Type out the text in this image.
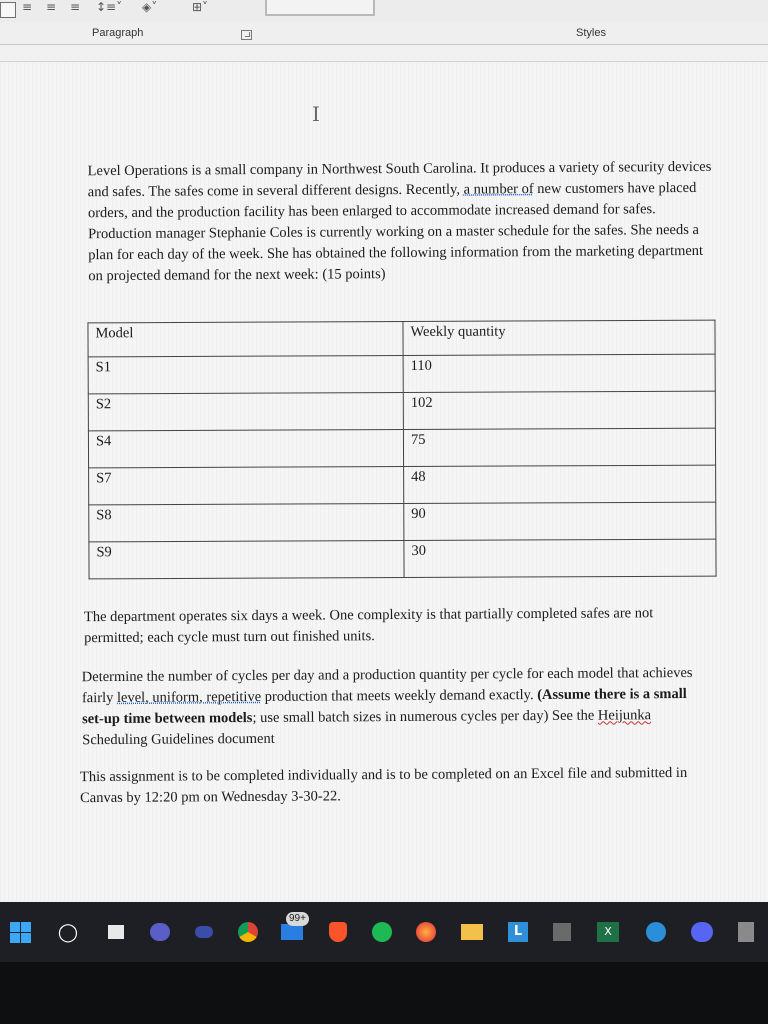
≡ ≡ ≡ ↕≡˅ ◈˅	⊞˅
Paragraph	Styles
I
Level Operations is a small company in Northwest South Carolina. It produces a variety of security devices and safes. The safes come in several different designs. Recently, a number of new customers have placed orders, and the production facility has been enlarged to accommodate increased demand for safes. Production manager Stephanie Coles is currently working on a master schedule for the safes. She needs a plan for each day of the week. She has obtained the following information from the marketing department on projected demand for the next week: (15 points)
Model	Weekly quantity
S1	110
S2	102
S4	75
S7	48
S8	90
S9	30
The department operates six days a week. One complexity is that partially completed safes are not permitted; each cycle must turn out finished units.
Determine the number of cycles per day and a production quantity per cycle for each model that achieves fairly level, uniform, repetitive production that meets weekly demand exactly. (Assume there is a small set-up time between models; use small batch sizes in numerous cycles per day) See the Heijunka Scheduling Guidelines document
This assignment is to be completed individually and is to be completed on an Excel file and submitted in Canvas by 12:20 pm on Wednesday 3-30-22.
◯
99+
L	X
